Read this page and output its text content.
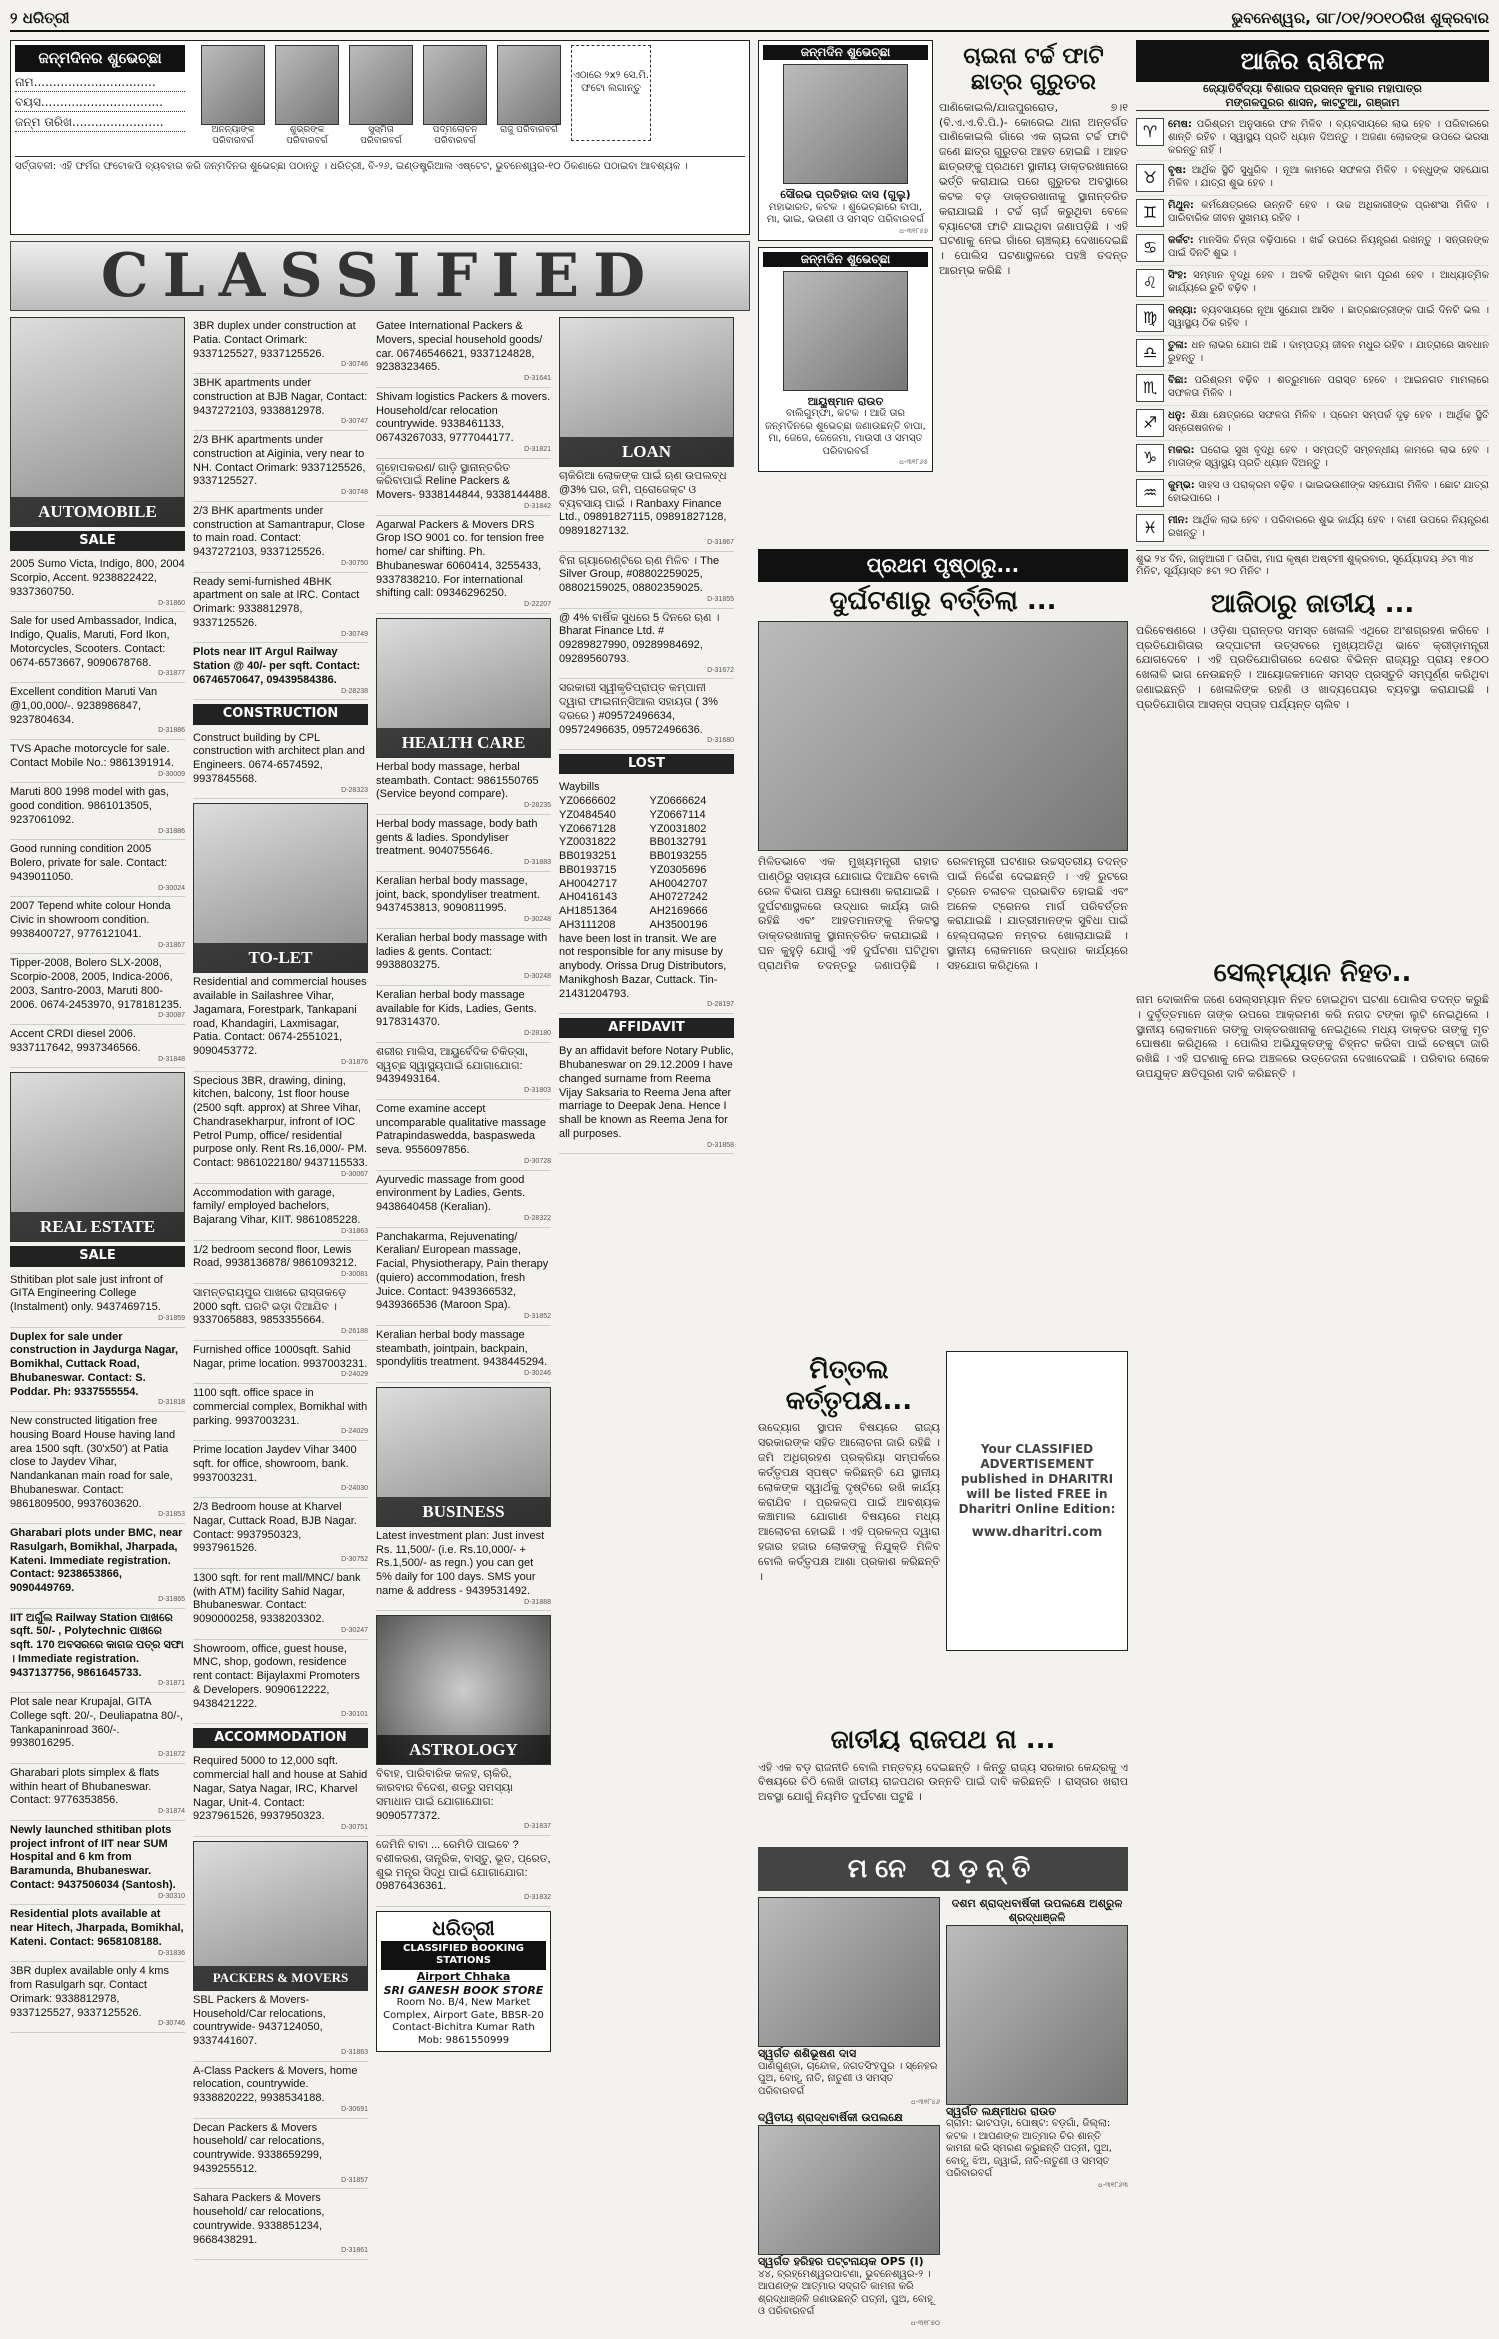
୨ ଧରିତ୍ରୀ	ଭୁବନେଶ୍ୱର, ତା୮/୦୧/୨୦୧୦ରିଖ ଶୁକ୍ରବାର
ଜନ୍ମଦିନର ଶୁଭେଚ୍ଛା
ନାମ................................
ବୟସ................................
ଜନ୍ମ ତାରିଖ........................
ଅନନ୍ୟାଙ୍କ ପରିବାରବର୍ଗ
ଶୁଭ୍ରଙ୍କ ପରିବାରବର୍ଗ
ସୁସ୍ମିତା ପରିବାରବର୍ଗ
ପଦ୍ମଲୋଚନ ପରିବାରବର୍ଗ
ରାଜୁ ପରିବାରବର୍ଗ
ଏଠାରେ ୨x୨ ସେ.ମି. ଫଟୋ ଲଗାନ୍ତୁ
ସର୍ତ୍ତାବଳୀ: ଏହି ଫର୍ମର ଫଟୋକପି ବ୍ୟବହାର କରି ଜନ୍ମଦିନର ଶୁଭେଚ୍ଛା ପଠାନ୍ତୁ । ଧରିତ୍ରୀ, ବି-୨୬, ଇଣ୍ଡଷ୍ଟ୍ରିଆଲ ଏଷ୍ଟେଟ, ଭୁବନେଶ୍ୱର-୧୦ ଠିକଣାରେ ପଠାଇବା ଆବଶ୍ୟକ ।
CLASSIFIED
AUTOMOBILE
SALE
2005 Sumo Victa, Indigo, 800, 2004 Scorpio, Accent. 9238822422, 9337360750.
D-31860
Sale for used Ambassador, Indica, Indigo, Qualis, Maruti, Ford Ikon, Motorcycles, Scooters. Contact: 0674-6573667, 9090678768.
D-31877
Excellent condition Maruti Van @1,00,000/-. 9238986847, 9237804634.
D-31886
TVS Apache motorcycle for sale. Contact Mobile No.: 9861391914.
D-30009
Maruti 800 1998 model with gas, good condition. 9861013505, 9237061092.
D-31886
Good running condition 2005 Bolero, private for sale. Contact: 9439011050.
D-30024
2007 Tepend white colour Honda Civic in showroom condition. 9938400727, 9776121041.
D-31867
Tipper-2008, Bolero SLX-2008, Scorpio-2008, 2005, Indica-2006, 2003, Santro-2003, Maruti 800-2006. 0674-2453970, 9178181235.
D-30087
Accent CRDI diesel 2006. 9337117642, 9937346566.
D-31848
REAL ESTATE
SALE
Sthitiban plot sale just infront of GITA Engineering College (Instalment) only. 9437469715.
D-31859
Duplex for sale under construction in Jaydurga Nagar, Bomikhal, Cuttack Road, Bhubaneswar. Contact: S. Poddar. Ph: 9337555554.
D-31818
New constructed litigation free housing Board House having land area 1500 sqft. (30'x50') at Patia close to Jaydev Vihar, Nandankanan main road for sale, Bhubaneswar. Contact: 9861809500, 9937603620.
D-31853
Gharabari plots under BMC, near Rasulgarh, Bomikhal, Jharpada, Kateni. Immediate registration. Contact: 9238653866, 9090449769.
D-31865
IIT ଅର୍ଗୁଲ Railway Station ପାଖରେ sqft. 50/- , Polytechnic ପାଖରେ sqft. 170 ଅବସରରେ କାଗଜ ପତ୍ର ସଫା । Immediate registration. 9437137756, 9861645733.
D-31871
Plot sale near Krupajal, GITA College sqft. 20/-, Deuliapatna 80/-, Tankapaninroad 360/-. 9938016295.
D-31872
Gharabari plots simplex & flats within heart of Bhubaneswar. Contact: 9776353856.
D-31874
Newly launched sthitiban plots project infront of IIT near SUM Hospital and 6 km from Baramunda, Bhubaneswar. Contact: 9437506034 (Santosh).
D-30310
Residential plots available at near Hitech, Jharpada, Bomikhal, Kateni. Contact: 9658108188.
D-31836
3BR duplex available only 4 kms from Rasulgarh sqr. Contact Orimark: 9338812978, 9337125527, 9337125526.
D-30746
3BR duplex under construction at Patia. Contact Orimark: 9337125527, 9337125526.
D-30746
3BHK apartments under construction at BJB Nagar, Contact: 9437272103, 9338812978.
D-30747
2/3 BHK apartments under construction at Aiginia, very near to NH. Contact Orimark: 9337125526, 9337125527.
D-30748
2/3 BHK apartments under construction at Samantrapur, Close to main road. Contact: 9437272103, 9337125526.
D-30750
Ready semi-furnished 4BHK apartment on sale at IRC. Contact Orimark: 9338812978, 9337125526.
D-30749
Plots near IIT Argul Railway Station @ 40/- per sqft. Contact: 06746570647, 09439584386.
D-28238
CONSTRUCTION
Construct building by CPL construction with architect plan and Engineers. 0674-6574592, 9937845568.
D-28323
TO-LET
Residential and commercial houses available in Sailashree Vihar, Jagamara, Forestpark, Tankapani road, Khandagiri, Laxmisagar, Patia. Contact: 0674-2551021, 9090453772.
D-31876
Specious 3BR, drawing, dining, kitchen, balcony, 1st floor house (2500 sqft. approx) at Shree Vihar, Chandrasekharpur, infront of IOC Petrol Pump, office/ residential purpose only. Rent Rs.16,000/- PM. Contact: 9861022180/ 9437115533.
D-30067
Accommodation with garage, family/ employed bachelors, Bajarang Vihar, KIIT. 9861085228.
D-31863
1/2 bedroom second floor, Lewis Road, 9938136878/ 9861093212.
D-30081
ସାମନ୍ତରାୟପୁର ପାଖରେ ରାସ୍ତାକଡ଼େ 2000 sqft. ଘରଟି ଭଡ଼ା ଦିଆଯିବ । 9337065883, 9853355664.
D-26188
Furnished office 1000sqft. Sahid Nagar, prime location. 9937003231.
D-24029
1100 sqft. office space in commercial complex, Bomikhal with parking. 9937003231.
D-24029
Prime location Jaydev Vihar 3400 sqft. for office, showroom, bank. 9937003231.
D-24030
2/3 Bedroom house at Kharvel Nagar, Cuttack Road, BJB Nagar. Contact: 9937950323, 9937961526.
D-30752
1300 sqft. for rent mall/MNC/ bank (with ATM) facility Sahid Nagar, Bhubaneswar. Contact: 9090000258, 9338203302.
D-30247
Showroom, office, guest house, MNC, shop, godown, residence rent contact: Bijaylaxmi Promoters & Developers. 9090612222, 9438421222.
D-30101
ACCOMMODATION
Required 5000 to 12,000 sqft. commercial hall and house at Sahid Nagar, Satya Nagar, IRC, Kharvel Nagar, Unit-4. Contact: 9237961526, 9937950323.
D-30751
PACKERS & MOVERS
SBL Packers & Movers-Household/Car relocations, countrywide- 9437124050, 9337441607.
D-31863
A-Class Packers & Movers, home relocation, countrywide. 9338820222, 9938534188.
D-30691
Decan Packers & Movers household/ car relocations, countrywide. 9338659299, 9439255512.
D-31857
Sahara Packers & Movers household/ car relocations, countrywide. 9338851234, 9668438291.
D-31861
Gatee International Packers & Movers, special household goods/ car. 06746546621, 9337124828, 9238323465.
D-31641
Shivam logistics Packers & movers. Household/car relocation countrywide. 9338461133, 06743267033, 9777044177.
D-31821
ଗୃହୋପକରଣ/ ଗାଡ଼ି ସ୍ଥାନାନ୍ତରିତ କରିବାପାଇଁ Reline Packers & Movers- 9338144844, 9338144488.
D-31842
Agarwal Packers & Movers DRS Grop ISO 9001 co. for tension free home/ car shifting. Ph. Bhubaneswar 6060414, 3255433, 9337838210. For international shifting call: 09346296250.
D-22207
HEALTH CARE
Herbal body massage, herbal steambath. Contact: 9861550765 (Service beyond compare).
D-28235
Herbal body massage, body bath gents & ladies. Spondyliser treatment. 9040755646.
D-31883
Keralian herbal body massage, joint, back, spondyliser treatment. 9437453813, 9090811995.
D-30248
Keralian herbal body massage with ladies & gents. Contact: 9938803275.
D-30248
Keralian herbal body massage available for Kids, Ladies, Gents. 9178314370.
D-28180
ଶରୀର ମାଲିସ, ଆୟୁର୍ବେଦିକ ଚିକିତ୍ସା, ସ୍ୱଚ୍ଛ ସ୍ୱାସ୍ଥ୍ୟପାଇଁ ଯୋଗାଯୋଗ: 9439493164.
D-31803
Come examine accept uncomparable qualitative massage Patrapindaswedda, baspasweda seva. 9556097856.
D-30728
Ayurvedic massage from good environment by Ladies, Gents. 9438640458 (Keralian).
D-28322
Panchakarma, Rejuvenating/ Keralian/ European massage, Facial, Physiotherapy, Pain therapy (quiero) accommodation, fresh Juice. Contact: 9439366532, 9439366536 (Maroon Spa).
D-31852
Keralian herbal body massage steambath, jointpain, backpain, spondylitis treatment. 9438445294.
D-30246
BUSINESS
Latest investment plan: Just invest Rs. 11,500/- (i.e. Rs.10,000/- + Rs.1,500/- as regn.) you can get 5% daily for 100 days. SMS your name & address - 9439531492.
D-31888
ASTROLOGY
ବିବାହ, ପାରିବାରିକ କଳହ, ଚାକିରି, କାରବାର ବିଦେଶ, ଶତ୍ରୁ ସମସ୍ୟା ସମାଧାନ ପାଇଁ ଯୋଗାଯୋଗ: 9090577372.
D-31837
ଜେମିନି ବାବା ... ରେମିଡି ପାଇବେ ? ବଶୀକରଣ, ତାନ୍ତ୍ରିକ, ବାସ୍ତୁ, ଭୂତ, ପ୍ରେତ, ଶୁଭ ମନ୍ତ୍ର ସିଦ୍ଧି ପାଇଁ ଯୋଗାଯୋଗ: 09876436361.
D-31832
ଧରିତ୍ରୀ
CLASSIFIED BOOKING STATIONS
Airport Chhaka
SRI GANESH BOOK STORE
Room No. B/4, New Market Complex, Airport Gate, BBSR-20
Contact-Bichitra Kumar Rath Mob: 9861550999
LOAN
ଚାକିରିଆ ଲୋକଙ୍କ ପାଇଁ ଋଣ ଉପଲବ୍ଧ @3% ଘର, ଜମି, ପ୍ରୋଜେକ୍ଟ ଓ ବ୍ୟବସାୟ ପାଇଁ । Ranbaxy Finance Ltd., 09891827115, 09891827128, 09891827132.
D-31867
ବିନା ଗ୍ୟାରେଣ୍ଟିରେ ଋଣ ମିଳିବ । The Silver Group, #08802259025, 08802159025, 08802359025.
D-31855
@ 4% ବାର୍ଷିକ ସୁଧରେ 5 ଦିନରେ ଋଣ । Bharat Finance Ltd. # 09289827990, 09289984692, 09289560793.
D-31672
ସରକାରୀ ସ୍ୱୀକୃତିପ୍ରାପ୍ତ କମ୍ପାନୀ ଦ୍ୱାରା ଫାଇନାନ୍ସିଆଲ ସହାୟତା ( 3% ଦରରେ ) #09572496634, 09572496635, 09572496636.
D-31680
LOST
Waybills
YZ0666602	YZ0666624
YZ0484540	YZ0667114
YZ0667128	YZ0031802
YZ0031822	BB0132791
BB0193251	BB0193255
BB0193715	YZ0305696
AH0042717	AH0042707
AH0416143	AH0727242
AH1851364	AH2169666
AH3111208	AH3500196
have been lost in transit. We are not responsible for any misuse by anybody. Orissa Drug Distributors, Manikghosh Bazar, Cuttack. Tin-21431204793.
D-28197
AFFIDAVIT
By an affidavit before Notary Public, Bhubaneswar on 29.12.2009 I have changed surname from Reema Vijay Saksaria to Reema Jena after marriage to Deepak Jena. Hence I shall be known as Reema Jena for all purposes.
D-31858
ଜନ୍ମଦିନ ଶୁଭେଚ୍ଛା
ସୌରଭ ପ୍ରତିହାର ଦାସ (ଗୁଲୁ)
ମହାଭାରତ, କଟକ । ଶୁଭେଚ୍ଛାରେ ବାପା, ମା, ଭାଇ, ଭଉଣୀ ଓ ସମସ୍ତ ପରିବାରବର୍ଗ
ଧ-୩୧୮୫୭
ଜନ୍ମଦିନ ଶୁଭେଚ୍ଛା
ଆୟୁଷ୍ମାନ ରାଉତ
ବାଲିଗୁମ୍ଫା, କଟକ । ଆଜି ତାର ଜନ୍ମଦିନରେ ଶୁଭେଚ୍ଛା ଜଣାଉଛନ୍ତି ବାପା, ମା, ଜେଜେ, ଜେଜେମା, ମାଉସୀ ଓ ସମସ୍ତ ପରିବାରବର୍ଗ
ଧ-୩୧୮୬୫
ଚାଇନା ଟର୍ଚ୍ଚ ଫାଟି ଛାତ୍ର ଗୁରୁତର
ପାଣିକୋଇଲି/ଯାଜପୁରରୋଡ, ୭।୧ (ବି.ଏ.ଏ.ବି.ପି.)- କୋରେଇ ଥାନା ଅନ୍ତର୍ଗତ ପାଣିକୋଇଲି ଗାଁରେ ଏକ ଚାଇନା ଟର୍ଚ୍ଚ ଫାଟି ଜଣେ ଛାତ୍ର ଗୁରୁତର ଆହତ ହୋଇଛି । ଆହତ ଛାତ୍ରଙ୍କୁ ପ୍ରଥମେ ସ୍ଥାନୀୟ ଡାକ୍ତରଖାନାରେ ଭର୍ତ୍ତି କରାଯାଇ ପରେ ଗୁରୁତର ଅବସ୍ଥାରେ କଟକ ବଡ଼ ଡାକ୍ତରଖାନାକୁ ସ୍ଥାନାନ୍ତରିତ କରାଯାଇଛି । ଟର୍ଚ୍ଚ ଚାର୍ଜ କରୁଥିବା ବେଳେ ବ୍ୟାଟେରୀ ଫାଟି ଯାଇଥିବା ଜଣାପଡ଼ିଛି । ଏହି ଘଟଣାକୁ ନେଇ ଗାଁରେ ଚାଞ୍ଚଲ୍ୟ ଦେଖାଦେଇଛି । ପୋଲିସ ଘଟଣାସ୍ଥଳରେ ପହଞ୍ଚି ତଦନ୍ତ ଆରମ୍ଭ କରିଛି ।
ପ୍ରଥମ ପୃଷ୍ଠାରୁ...
ଦୁର୍ଘଟଣାରୁ ବର୍ତ୍ତିଲା ...
ମିଳିତଭାବେ ଏକ ମୁଖ୍ୟମନ୍ତ୍ରୀ ରାହାତ ପାଣ୍ଠିରୁ ସହାୟତା ଯୋଗାଇ ଦିଆଯିବ ବୋଲି ରେଳ ବିଭାଗ ପକ୍ଷରୁ ଘୋଷଣା କରାଯାଇଛି । ଦୁର୍ଘଟଣାସ୍ଥଳରେ ଉଦ୍ଧାର କାର୍ଯ୍ୟ ଜାରି ରହିଛି ଏବଂ ଆହତମାନଙ୍କୁ ନିକଟସ୍ଥ ଡାକ୍ତରଖାନାକୁ ସ୍ଥାନାନ୍ତରିତ କରାଯାଇଛି । ଘନ କୁହୁଡ଼ି ଯୋଗୁଁ ଏହି ଦୁର୍ଘଟଣା ଘଟିଥିବା ପ୍ରାଥମିକ ତଦନ୍ତରୁ ଜଣାପଡ଼ିଛି । ରେଳମନ୍ତ୍ରୀ ଘଟଣାର ଉଚ୍ଚସ୍ତରୀୟ ତଦନ୍ତ ପାଇଁ ନିର୍ଦ୍ଦେଶ ଦେଇଛନ୍ତି । ଏହି ରୁଟରେ ଟ୍ରେନ ଚଳାଚଳ ପ୍ରଭାବିତ ହୋଇଛି ଏବଂ ଅନେକ ଟ୍ରେନର ମାର୍ଗ ପରିବର୍ତ୍ତନ କରାଯାଇଛି । ଯାତ୍ରୀମାନଙ୍କ ସୁବିଧା ପାଇଁ ହେଲ୍ପଲାଇନ ନମ୍ବର ଖୋଲାଯାଇଛି । ସ୍ଥାନୀୟ ଲୋକମାନେ ଉଦ୍ଧାର କାର୍ଯ୍ୟରେ ସହଯୋଗ କରିଥିଲେ ।
ମିତ୍ତଲ କର୍ତ୍ତୃପକ୍ଷ...
ଉଦ୍ୟୋଗ ସ୍ଥାପନ ବିଷୟରେ ରାଜ୍ୟ ସରକାରଙ୍କ ସହିତ ଆଲୋଚନା ଜାରି ରହିଛି । ଜମି ଅଧିଗ୍ରହଣ ପ୍ରକ୍ରିୟା ସମ୍ପର୍କରେ କର୍ତ୍ତୃପକ୍ଷ ସ୍ପଷ୍ଟ କରିଛନ୍ତି ଯେ ସ୍ଥାନୀୟ ଲୋକଙ୍କ ସ୍ୱାର୍ଥକୁ ଦୃଷ୍ଟିରେ ରଖି କାର୍ଯ୍ୟ କରାଯିବ । ପ୍ରକଳ୍ପ ପାଇଁ ଆବଶ୍ୟକ କଞ୍ଚାମାଲ ଯୋଗାଣ ବିଷୟରେ ମଧ୍ୟ ଆଲୋଚନା ହୋଇଛି । ଏହି ପ୍ରକଳ୍ପ ଦ୍ୱାରା ହଜାର ହଜାର ଲୋକଙ୍କୁ ନିଯୁକ୍ତି ମିଳିବ ବୋଲି କର୍ତ୍ତୃପକ୍ଷ ଆଶା ପ୍ରକାଶ କରିଛନ୍ତି ।
Your CLASSIFIED ADVERTISEMENT published in DHARITRI will be listed FREE in Dharitri Online Edition:
www.dharitri.com
ଜାତୀୟ ରାଜପଥ ନା ...
ଏହି ଏକ ବଡ଼ ରାଜନୀତି ବୋଲି ମନ୍ତବ୍ୟ ଦେଇଛନ୍ତି । କିନ୍ତୁ ରାଜ୍ୟ ସରକାର କେନ୍ଦ୍ରକୁ ଏ ବିଷୟରେ ଚିଠି ଲେଖି ଜାତୀୟ ରାଜପଥର ଉନ୍ନତି ପାଇଁ ଦାବି କରିଛନ୍ତି । ରାସ୍ତାର ଖରାପ ଅବସ୍ଥା ଯୋଗୁଁ ନିୟମିତ ଦୁର୍ଘଟଣା ଘଟୁଛି ।
ମନେ ପଡ଼ନ୍ତି
ସ୍ୱର୍ଗତ ଶଶିଭୂଷଣ ଦାସ
ପାଣିଗୁଣ୍ଡା, ଚାନ୍ଦୋଳ, ଜଗତସିଂହପୁର । ସ୍ନେହର ପୁଅ, ବୋହୂ, ନାତି, ନାତୁଣୀ ଓ ସମସ୍ତ ପରିବାରବର୍ଗ
ଧ-୩୧୮୪୬
ଦ୍ୱିତୀୟ ଶ୍ରାଦ୍ଧବାର୍ଷିକୀ ଉପଲକ୍ଷେ
ସ୍ୱର୍ଗତ ହରିହର ପଟ୍ଟନାୟକ OPS (I)
୪୪, ବ୍ରହ୍ମେଶ୍ୱରପାଟଣା, ଭୁବନେଶ୍ୱର-୨ । ଆପଣଙ୍କ ଆତ୍ମାର ସଦ୍‌ଗତି କାମନା କରି ଶ୍ରଦ୍ଧାଞ୍ଜଳି ଜଣାଉଛନ୍ତି ପତ୍ନୀ, ପୁଅ, ବୋହୂ ଓ ପରିବାରବର୍ଗ
ଧ-୩୧୮୭୦
ଦଶମ ଶ୍ରାଦ୍ଧବାର୍ଷିକୀ ଉପଲକ୍ଷେ ଅଶ୍ରୁଳ ଶ୍ରଦ୍ଧାଞ୍ଜଳି
ସ୍ୱର୍ଗତ ଲକ୍ଷ୍ମୀଧର ରାଉତ
ଗ୍ରାମ: ଭାଟପଡ଼ା, ପୋଷ୍ଟ: ବଡ଼ଗାଁ, ଜିଲ୍ଲା: କଟକ । ଆପଣଙ୍କ ଆତ୍ମାର ଚିର ଶାନ୍ତି କାମନା କରି ସ୍ମରଣ କରୁଛନ୍ତି ପତ୍ନୀ, ପୁଅ, ବୋହୂ, ଝିଅ, ଜ୍ୱାଇଁ, ନାତି-ନାତୁଣୀ ଓ ସମସ୍ତ ପରିବାରବର୍ଗ
ଧ-୩୧୮୬୩
ଆଜିର ରାଶିଫଳ
ଜ୍ୟୋତିର୍ବିଦ୍ୟା ବିଶାରଦ ପ୍ରସନ୍ନ କୁମାର ମହାପାତ୍ର
ମଙ୍ଗଳପୁରର ଶାସନ, କାଟ୍ଟୁଆ, ଗଞ୍ଜାମ
♈	ମେଷ: ପରିଶ୍ରମ ଅନୁସାରେ ଫଳ ମିଳିବ । ବ୍ୟବସାୟରେ ଲାଭ ହେବ । ପରିବାରରେ ଶାନ୍ତି ରହିବ । ସ୍ୱାସ୍ଥ୍ୟ ପ୍ରତି ଧ୍ୟାନ ଦିଅନ୍ତୁ । ଅଜଣା ଲୋକଙ୍କ ଉପରେ ଭରସା କରନ୍ତୁ ନାହିଁ ।
♉	ବୃଷ: ଆର୍ଥିକ ସ୍ଥିତି ସୁଧୁରିବ । ନୂଆ କାମରେ ସଫଳତା ମିଳିବ । ବନ୍ଧୁଙ୍କ ସହଯୋଗ ମିଳିବ । ଯାତ୍ରା ଶୁଭ ହେବ ।
♊	ମିଥୁନ: କର୍ମକ୍ଷେତ୍ରରେ ଉନ୍ନତି ହେବ । ଉଚ୍ଚ ଅଧିକାରୀଙ୍କ ପ୍ରଶଂସା ମିଳିବ । ପାରିବାରିକ ଜୀବନ ସୁଖମୟ ରହିବ ।
♋	କର୍କଟ: ମାନସିକ ଚିନ୍ତା ବଢ଼ିପାରେ । ଖର୍ଚ୍ଚ ଉପରେ ନିୟନ୍ତ୍ରଣ ରଖନ୍ତୁ । ସନ୍ତାନଙ୍କ ପାଇଁ ଦିନଟି ଶୁଭ ।
♌	ସିଂହ: ସମ୍ମାନ ବୃଦ୍ଧି ହେବ । ଅଟକି ରହିଥିବା କାମ ପୂରଣ ହେବ । ଆଧ୍ୟାତ୍ମିକ କାର୍ଯ୍ୟରେ ରୁଚି ବଢ଼ିବ ।
♍	କନ୍ୟା: ବ୍ୟବସାୟରେ ନୂଆ ସୁଯୋଗ ଆସିବ । ଛାତ୍ରଛାତ୍ରୀଙ୍କ ପାଇଁ ଦିନଟି ଭଲ । ସ୍ୱାସ୍ଥ୍ୟ ଠିକ ରହିବ ।
♎	ତୁଳା: ଧନ ଲାଭର ଯୋଗ ଅଛି । ଦାମ୍ପତ୍ୟ ଜୀବନ ମଧୁର ରହିବ । ଯାତ୍ରାରେ ସାବଧାନ ରୁହନ୍ତୁ ।
♏	ବିଛା: ପରିଶ୍ରମ ବଢ଼ିବ । ଶତ୍ରୁମାନେ ପରାସ୍ତ ହେବେ । ଆଇନଗତ ମାମଲାରେ ସଫଳତା ମିଳିବ ।
♐	ଧନୁ: ଶିକ୍ଷା କ୍ଷେତ୍ରରେ ସଫଳତା ମିଳିବ । ପ୍ରେମ ସମ୍ପର୍କ ଦୃଢ଼ ହେବ । ଆର୍ଥିକ ସ୍ଥିତି ସନ୍ତୋଷଜନକ ।
♑	ମକର: ଘରୋଇ ସୁଖ ବୃଦ୍ଧି ହେବ । ସମ୍ପତ୍ତି ସମ୍ବନ୍ଧୀୟ କାମରେ ଲାଭ ହେବ । ମାତାଙ୍କ ସ୍ୱାସ୍ଥ୍ୟ ପ୍ରତି ଧ୍ୟାନ ଦିଅନ୍ତୁ ।
♒	କୁମ୍ଭ: ସାହସ ଓ ପରାକ୍ରମ ବଢ଼ିବ । ଭାଇଭଉଣୀଙ୍କ ସହଯୋଗ ମିଳିବ । ଛୋଟ ଯାତ୍ରା ହୋଇପାରେ ।
♓	ମୀନ: ଆର୍ଥିକ ଲାଭ ହେବ । ପରିବାରରେ ଶୁଭ କାର୍ଯ୍ୟ ହେବ । ବାଣୀ ଉପରେ ନିୟନ୍ତ୍ରଣ ରଖନ୍ତୁ ।
ଶୁଭ ୨୪ ଦିନ, ଜାନୁଆରୀ ୮ ତାରିଖ, ମାଘ କୃଷ୍ଣ ଅଷ୍ଟମୀ ଶୁକ୍ରବାର, ସୂର୍ଯ୍ୟୋଦୟ ୬ଟା ୩୪ ମିନିଟ, ସୂର୍ଯ୍ୟାସ୍ତ ୫ଟା ୨୦ ମିନିଟ ।
ଆଜିଠାରୁ ଜାତୀୟ ...
ପରିବେଷଣରେ । ଓଡ଼ିଶା ପ୍ରାନ୍ତର ସମସ୍ତ ଖେଳାଳି ଏଥିରେ ଅଂଶଗ୍ରହଣ କରିବେ । ପ୍ରତିଯୋଗିତାର ଉଦ୍‌ଘାଟନୀ ଉତ୍ସବରେ ମୁଖ୍ୟଅତିଥି ଭାବେ କ୍ରୀଡ଼ାମନ୍ତ୍ରୀ ଯୋଗଦେବେ । ଏହି ପ୍ରତିଯୋଗିତାରେ ଦେଶର ବିଭିନ୍ନ ରାଜ୍ୟରୁ ପ୍ରାୟ ୧୫୦୦ ଖେଳାଳି ଭାଗ ନେଉଛନ୍ତି । ଆୟୋଜକମାନେ ସମସ୍ତ ପ୍ରସ୍ତୁତି ସମ୍ପୂର୍ଣ୍ଣ କରିଥିବା ଜଣାଇଛନ୍ତି । ଖେଳାଳିଙ୍କ ରହଣି ଓ ଖାଦ୍ୟପେୟର ବ୍ୟବସ୍ଥା କରାଯାଇଛି । ପ୍ରତିଯୋଗିତା ଆସନ୍ତା ସପ୍ତାହ ପର୍ଯ୍ୟନ୍ତ ଚାଲିବ ।
ସେଲ୍‌ମ୍ୟାନ ନିହତ..
ନାମ ଦୋକାନିକ ଜଣେ ସେଲ୍‌ସମ୍ୟାନ ନିହତ ହୋଇଥିବା ଘଟଣା ପୋଲିସ ତଦନ୍ତ କରୁଛି । ଦୁର୍ବୃତ୍ତମାନେ ତାଙ୍କ ଉପରେ ଆକ୍ରମଣ କରି ନଗଦ ଟଙ୍କା ଲୁଟି ନେଇଥିଲେ । ସ୍ଥାନୀୟ ଲୋକମାନେ ତାଙ୍କୁ ଡାକ୍ତରଖାନାକୁ ନେଇଥିଲେ ମଧ୍ୟ ଡାକ୍ତର ତାଙ୍କୁ ମୃତ ଘୋଷଣା କରିଥିଲେ । ପୋଲିସ ଅଭିଯୁକ୍ତଙ୍କୁ ଚିହ୍ନଟ କରିବା ପାଇଁ ଚେଷ୍ଟା ଜାରି ରଖିଛି । ଏହି ଘଟଣାକୁ ନେଇ ଅଞ୍ଚଳରେ ଉତ୍ତେଜନା ଦେଖାଦେଇଛି । ପରିବାର ଲୋକେ ଉପଯୁକ୍ତ କ୍ଷତିପୂରଣ ଦାବି କରିଛନ୍ତି ।
